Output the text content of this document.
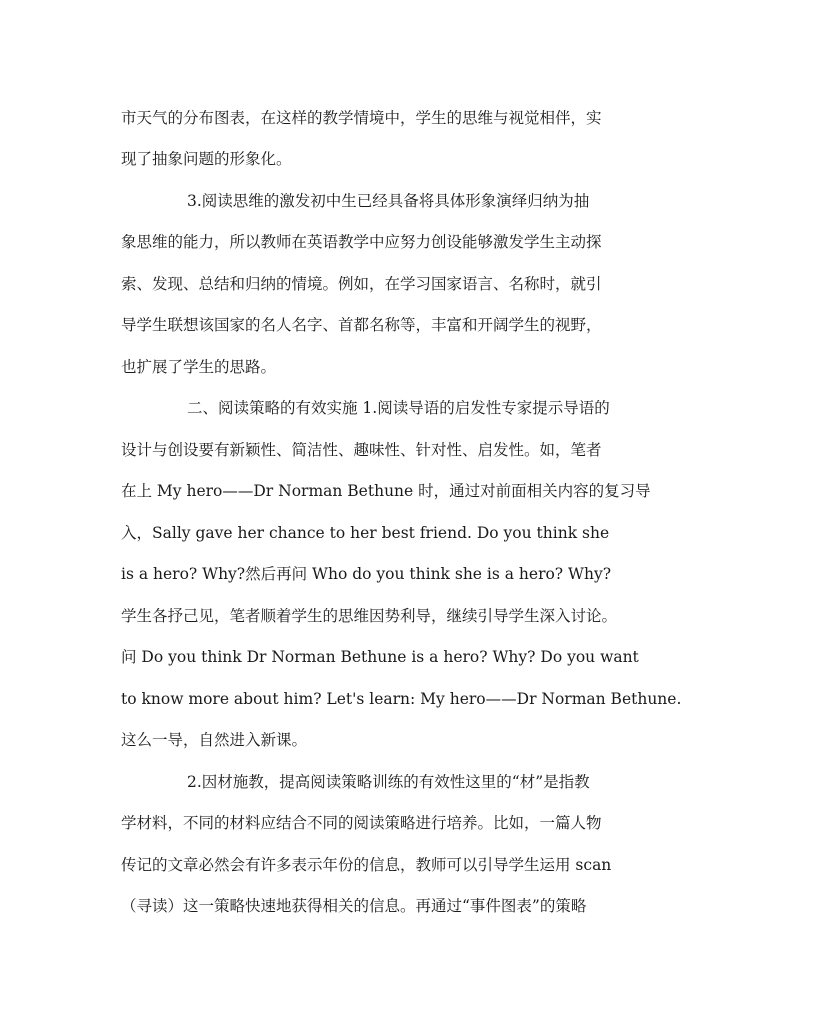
市天气的分布图表，在这样的教学情境中，学生的思维与视觉相伴，实
现了抽象问题的形象化。
3.阅读思维的激发初中生已经具备将具体形象演绎归纳为抽
象思维的能力，所以教师在英语教学中应努力创设能够激发学生主动探
索、发现、总结和归纳的情境。例如，在学习国家语言、名称时，就引
导学生联想该国家的名人名字、首都名称等，丰富和开阔学生的视野，
也扩展了学生的思路。
二、阅读策略的有效实施 1.阅读导语的启发性专家提示导语的
设计与创设要有新颖性、简洁性、趣味性、针对性、启发性。如，笔者
在上 My hero——Dr Norman Bethune 时，通过对前面相关内容的复习导
入，Sally gave her chance to her best friend. Do you think she
is a hero? Why?然后再问 Who do you think she is a hero? Why?
学生各抒己见，笔者顺着学生的思维因势利导，继续引导学生深入讨论。
问 Do you think Dr Norman Bethune is a hero? Why? Do you want
to know more about him? Let's learn: My hero——Dr Norman Bethune.
这么一导，自然进入新课。
2.因材施教，提高阅读策略训练的有效性这里的“材”是指教
学材料，不同的材料应结合不同的阅读策略进行培养。比如，一篇人物
传记的文章必然会有许多表示年份的信息，教师可以引导学生运用 scan
（寻读）这一策略快速地获得相关的信息。再通过“事件图表”的策略
